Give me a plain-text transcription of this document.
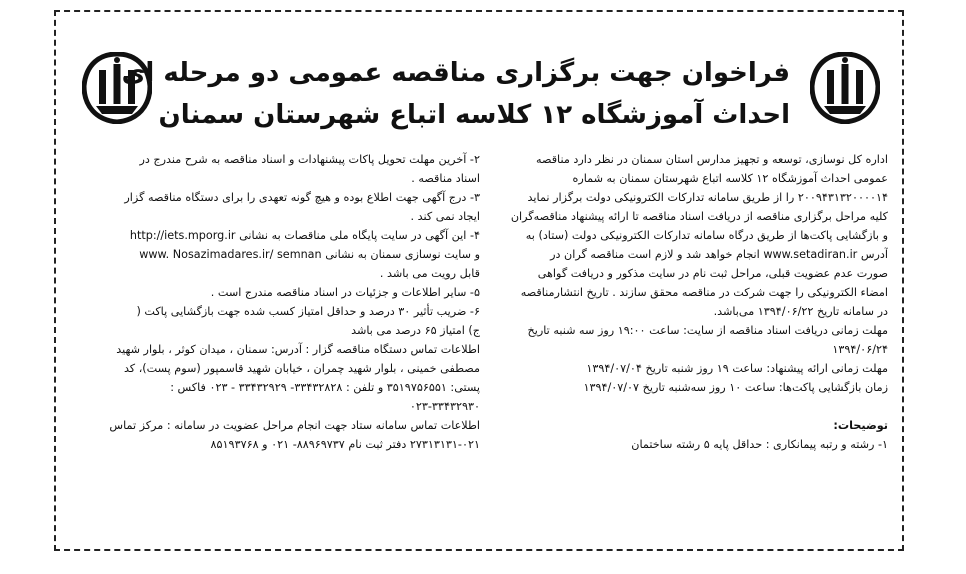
فراخوان جهت برگزاری مناقصه عمومی دو مرحله ای
احداث آموزشگاه ۱۲ کلاسه اتباع شهرستان سمنان
اداره کل نوسازی، توسعه و تجهیز مدارس استان سمنان در نظر دارد مناقصه
عمومی احداث آموزشگاه ۱۲ کلاسه اتباع شهرستان سمنان به شماره
۲۰۰۹۴۳۱۳۲۰۰۰۰۱۴ را از طریق سامانه تدارکات الکترونیکی دولت برگزار نماید
کلیه مراحل برگزاری مناقصه از دریافت اسناد مناقصه تا ارائه پیشنهاد مناقصه‌گران
و بازگشایی پاکت‌ها از طریق درگاه سامانه تدارکات الکترونیکی دولت (ستاد) به
آدرس www.setadiran.ir انجام خواهد شد و لازم است مناقصه گران در
صورت عدم عضویت قبلی، مراحل ثبت نام در سایت مذکور و دریافت گواهی
امضاء الکترونیکی را جهت شرکت در مناقصه محقق سازند . تاریخ انتشارمناقصه
در سامانه تاریخ ۱۳۹۴/۰۶/۲۲ می‌باشد.
مهلت زمانی دریافت اسناد مناقصه از سایت: ساعت ۱۹:۰۰ روز سه شنبه تاریخ
۱۳۹۴/۰۶/۲۴
مهلت زمانی ارائه پیشنهاد: ساعت ۱۹ روز شنبه تاریخ ۱۳۹۴/۰۷/۰۴
زمان بازگشایی پاکت‌ها: ساعت ۱۰ روز سه‌شنبه تاریخ ۱۳۹۴/۰۷/۰۷
توضیحات:
۱- رشته و رتبه پیمانکاری : حداقل پایه ۵ رشته ساختمان
۲- آخرین مهلت تحویل پاکات پیشنهادات و اسناد مناقصه به شرح مندرج در
اسناد مناقصه .
۳- درج آگهی جهت اطلاع بوده و هیچ گونه تعهدی را برای دستگاه مناقصه گزار
ایجاد نمی کند .
۴- این آگهی در سایت پایگاه ملی مناقصات به نشانی http://iets.mporg.ir
و سایت نوسازی سمنان به نشانی www. Nosazimadares.ir/ semnan
قابل رویت می باشد .
۵- سایر اطلاعات و جزئیات در اسناد مناقصه مندرج است .
۶- ضریب تأثیر ۳۰ درصد و حداقل امتیاز کسب شده جهت بازگشایی پاکت (
ج) امتیاز ۶۵ درصد می باشد
اطلاعات تماس دستگاه مناقصه گزار : آدرس: سمنان ، میدان کوثر ، بلوار شهید
مصطفی خمینی ، بلوار شهید چمران ، خیابان شهید قاسمپور (سوم پست)، کد
پستی: ۳۵۱۹۷۵۶۵۵۱ و تلفن : ۳۳۴۳۲۸۲۸- ۳۳۴۳۲۹۲۹ - ۰۲۳ فاکس :
۰۲۳-۳۳۴۳۲۹۳۰
اطلاعات تماس سامانه ستاد جهت انجام مراحل عضویت در سامانه : مرکز تماس
۲۷۳۱۳۱۳۱-۰۲۱ دفتر ثبت نام ۸۸۹۶۹۷۳۷- ۰۲۱ و ۸۵۱۹۳۷۶۸
